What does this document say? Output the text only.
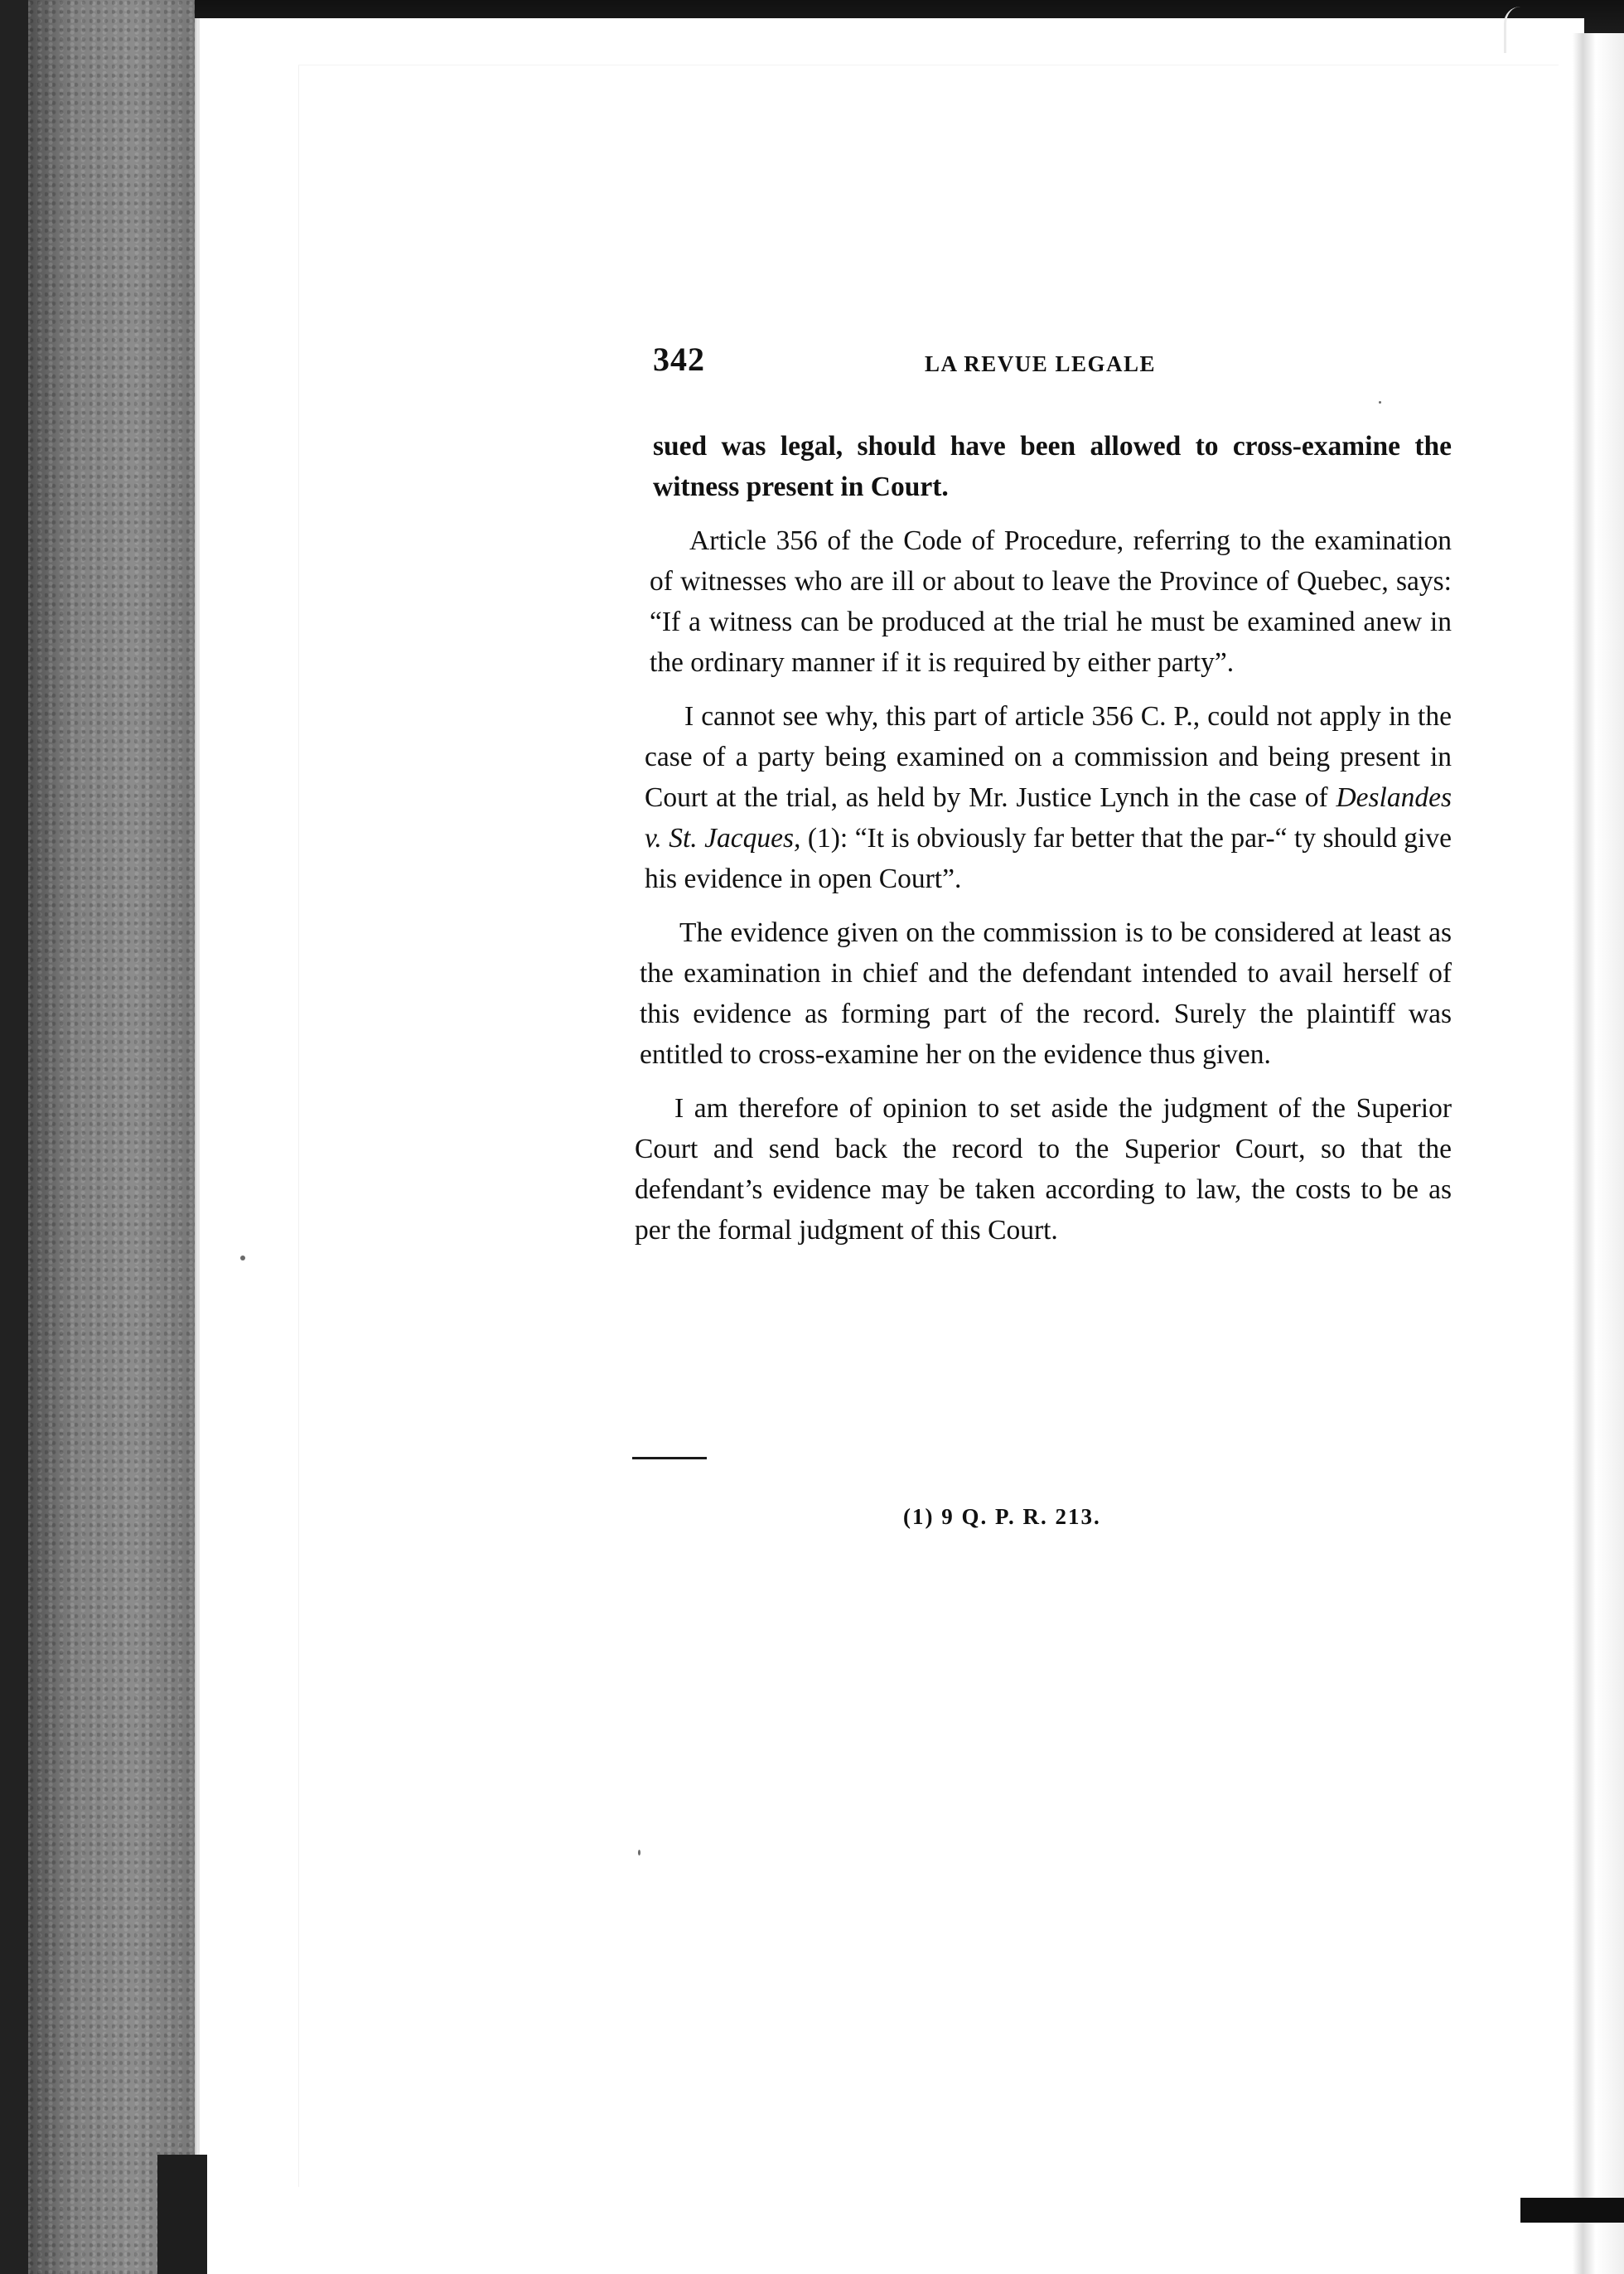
342	LA REVUE LEGALE

sued was legal, should have been allowed to cross-examine the witness present in Court.

Article 356 of the Code of Procedure, referring to the examination of witnesses who are ill or about to leave the Province of Quebec, says: “If a witness can be produced at the trial he must be examined anew in the ordinary manner if it is required by either party”.

I cannot see why, this part of article 356 C. P., could not apply in the case of a party being examined on a commission and being present in Court at the trial, as held by Mr. Justice Lynch in the case of Deslandes v. St. Jacques, (1): “It is obviously far better that the par-“ ty should give his evidence in open Court”.

The evidence given on the commission is to be considered at least as the examination in chief and the defendant intended to avail herself of this evidence as forming part of the record. Surely the plaintiff was entitled to cross-examine her on the evidence thus given.

I am therefore of opinion to set aside the judgment of the Superior Court and send back the record to the Superior Court, so that the defendant’s evidence may be taken according to law, the costs to be as per the formal judgment of this Court.

(1) 9 Q. P. R. 213.
